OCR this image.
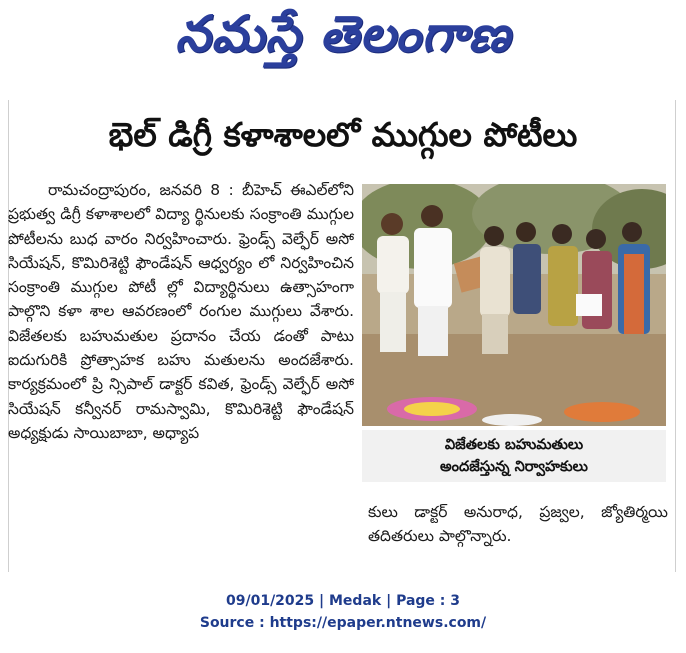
నమస్తే తెలంగాణ
భెల్ డిగ్రీ కళాశాలలో ముగ్గుల పోటీలు

రామచంద్రాపురం, జనవరి 8 : బీహెచ్ ఈఎల్‌లోని ప్రభుత్వ డిగ్రీ కళాశాలలో విద్యా ర్థినులకు సంక్రాంతి ముగ్గుల పోటీలను బుధ వారం నిర్వహించారు. ఫ్రెండ్స్ వెల్ఫేర్ అసో సియేషన్, కొమిరిశెట్టి ఫౌండేషన్ ఆధ్వర్యం లో నిర్వహించిన సంక్రాంతి ముగ్గుల పోటీ ల్లో విద్యార్థినులు ఉత్సాహంగా పాల్గొని కళా శాల ఆవరణంలో రంగుల ముగ్గులు వేశారు. విజేతలకు బహుమతుల ప్రదానం చేయ డంతో పాటు ఐదుగురికి ప్రోత్సాహక బహు మతులను అందజేశారు. కార్యక్రమంలో ప్రి న్సిపాల్ డాక్టర్ కవిత, ఫ్రెండ్స్ వెల్ఫేర్ అసో సియేషన్ కన్వీనర్ రామస్వామి, కొమిరిశెట్టి ఫౌండేషన్ అధ్యక్షుడు సాయిబాబా, అధ్యాప

విజేతలకు బహుమతులు
అందజేస్తున్న నిర్వాహకులు

కులు డాక్టర్ అనురాధ, ప్రజ్వల, జ్యోతిర్మయి తదితరులు పాల్గొన్నారు.

09/01/2025 | Medak | Page : 3
Source : https://epaper.ntnews.com/
